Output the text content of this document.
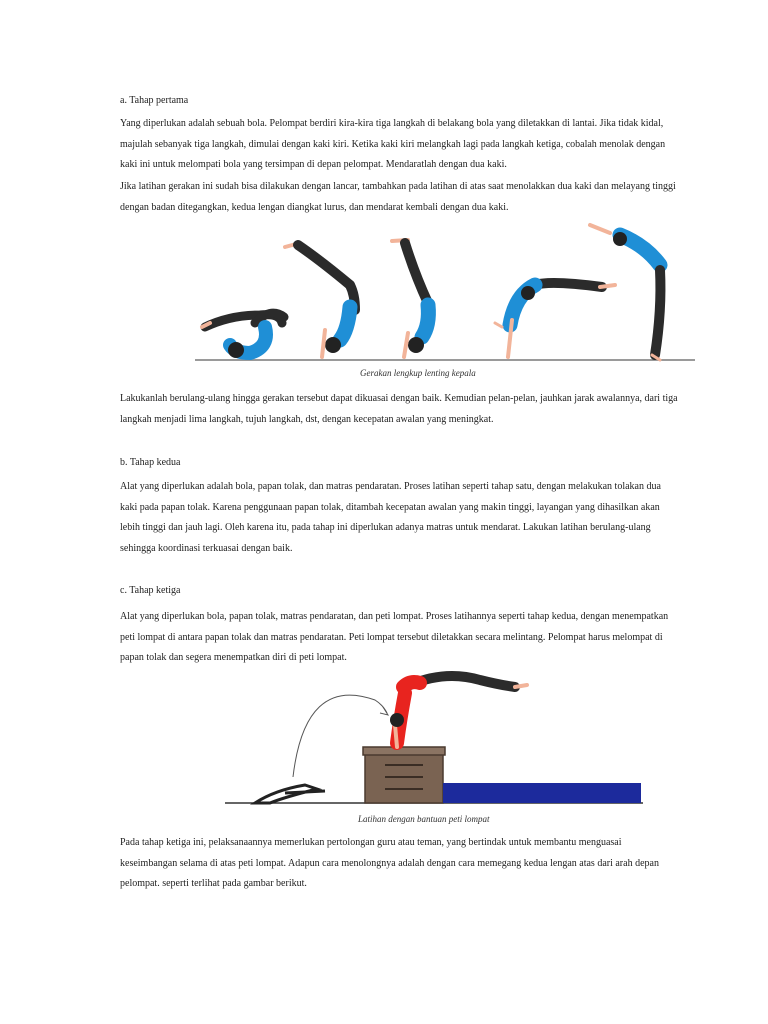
a. Tahap pertama

Yang diperlukan adalah sebuah bola. Pelompat berdiri kira-kira tiga langkah di belakang bola yang diletakkan di lantai. Jika tidak kidal, majulah sebanyak tiga langkah, dimulai dengan kaki kiri. Ketika kaki kiri melangkah lagi pada langkah ketiga, cobalah menolak dengan kaki ini untuk melompati bola yang tersimpan di depan pelompat. Mendaratlah dengan dua kaki.

Jika latihan gerakan ini sudah bisa dilakukan dengan lancar, tambahkan pada latihan di atas saat menolakkan dua kaki dan melayang tinggi dengan badan ditegangkan, kedua lengan diangkat lurus, dan mendarat kembali dengan dua kaki.

Gerakan lengkup lenting kepala

Lakukanlah berulang-ulang hingga gerakan tersebut dapat dikuasai dengan baik. Kemudian pelan-pelan, jauhkan jarak awalannya, dari tiga langkah menjadi lima langkah, tujuh langkah, dst, dengan kecepatan awalan yang meningkat.

b. Tahap kedua

Alat yang diperlukan adalah bola, papan tolak, dan matras pendaratan. Proses latihan seperti tahap satu, dengan melakukan tolakan dua kaki pada papan tolak. Karena penggunaan papan tolak, ditambah kecepatan awalan yang makin tinggi, layangan yang dihasilkan akan lebih tinggi dan jauh lagi. Oleh karena itu, pada tahap ini diperlukan adanya matras untuk mendarat. Lakukan latihan berulang-ulang sehingga koordinasi terkuasai dengan baik.

c. Tahap ketiga

Alat yang diperlukan bola, papan tolak, matras pendaratan, dan peti lompat. Proses latihannya seperti tahap kedua, dengan menempatkan peti lompat di antara papan tolak dan matras pendaratan. Peti lompat tersebut diletakkan secara melintang. Pelompat harus melompat di papan tolak dan segera menempatkan diri di peti lompat.

Latihan dengan bantuan peti lompat

Pada tahap ketiga ini, pelaksanaannya memerlukan pertolongan guru atau teman, yang bertindak untuk membantu menguasai keseimbangan selama di atas peti lompat. Adapun cara menolongnya adalah dengan cara memegang kedua lengan atas dari arah depan pelompat. seperti terlihat pada gambar berikut.
